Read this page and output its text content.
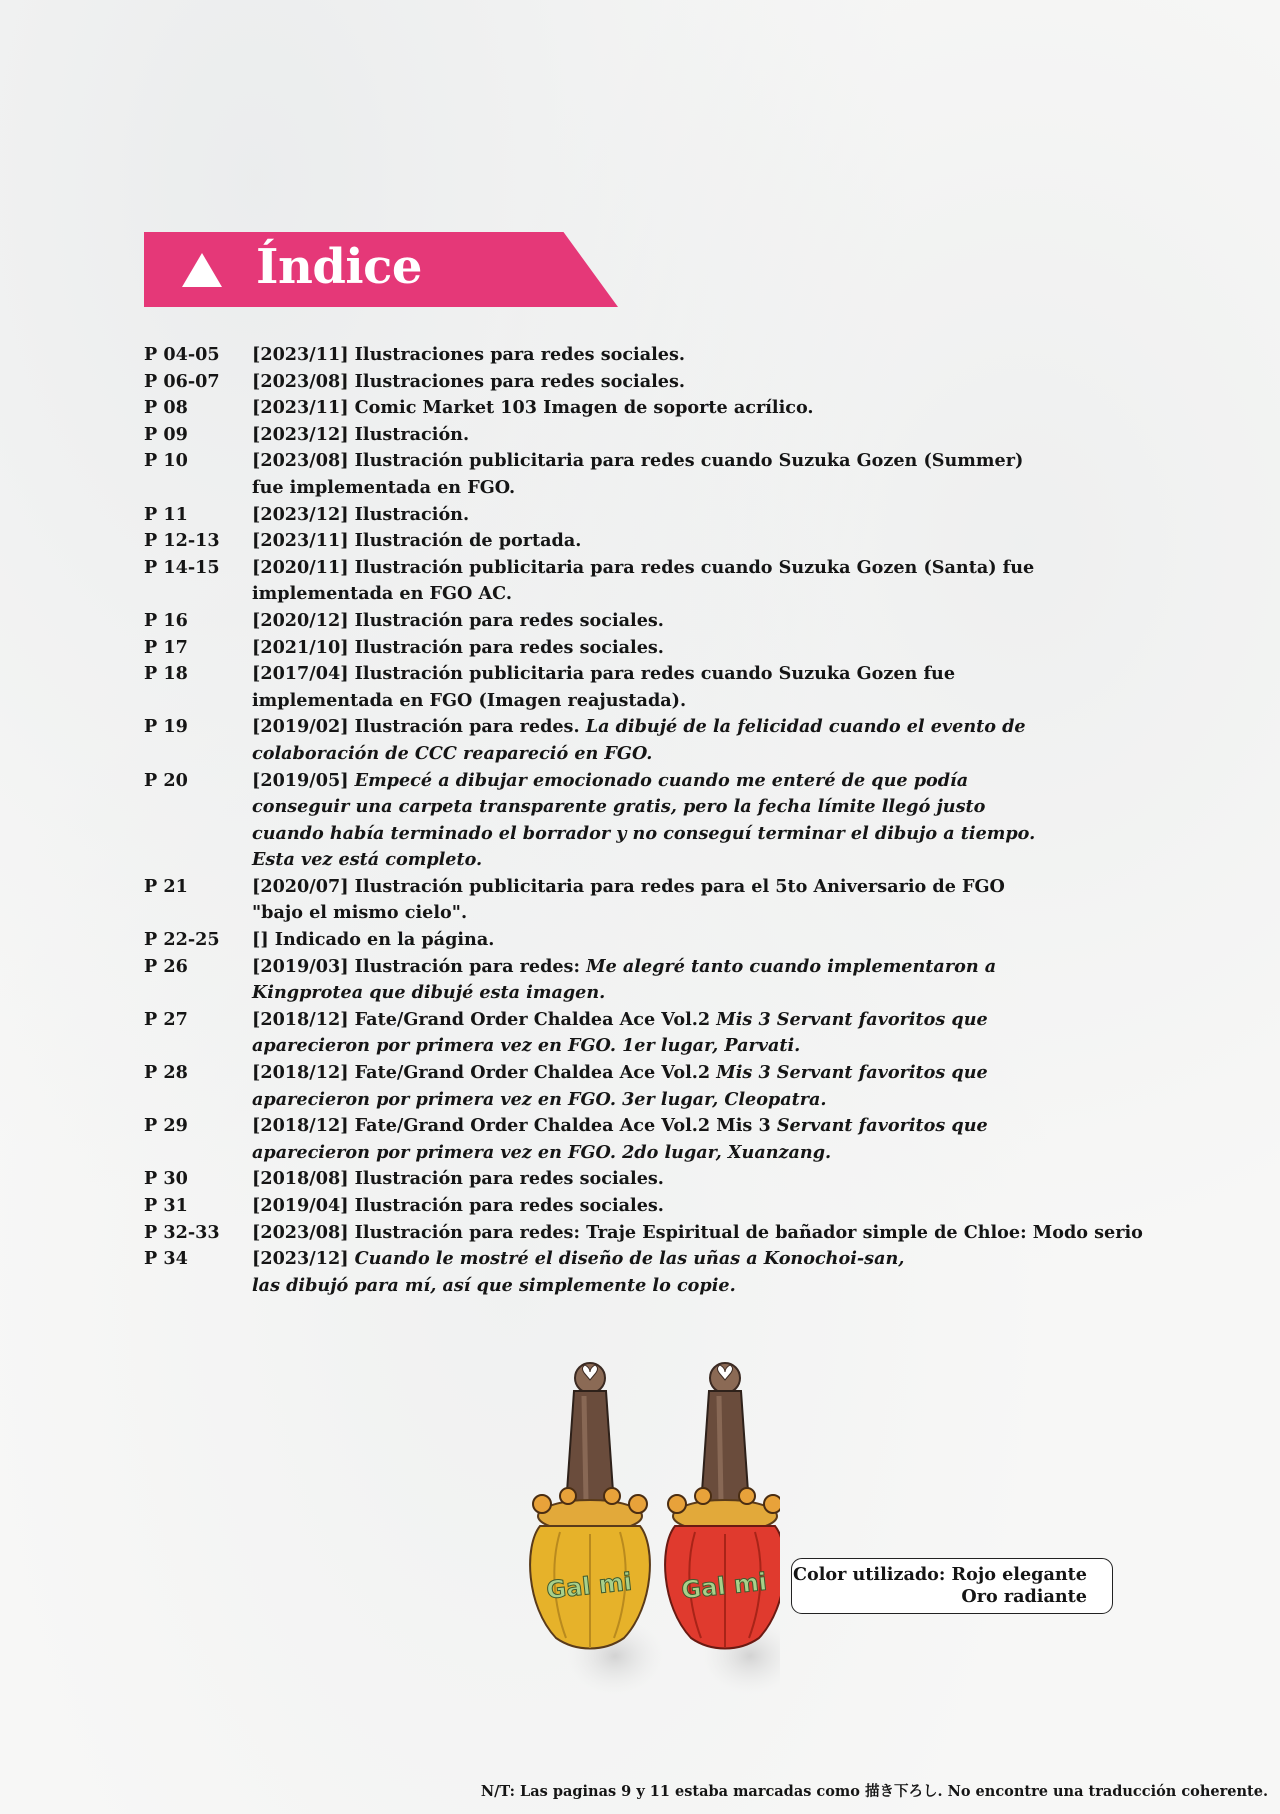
Índice
P 04-05	[2023/11] Ilustraciones para redes sociales.
P 06-07	[2023/08] Ilustraciones para redes sociales.
P 08	[2023/11] Comic Market 103 Imagen de soporte acrílico.
P 09	[2023/12] Ilustración.
P 10	[2023/08] Ilustración publicitaria para redes cuando Suzuka Gozen (Summer)
fue implementada en FGO.
P 11	[2023/12] Ilustración.
P 12-13	[2023/11] Ilustración de portada.
P 14-15	[2020/11] Ilustración publicitaria para redes cuando Suzuka Gozen (Santa) fue
implementada en FGO AC.
P 16	[2020/12] Ilustración para redes sociales.
P 17	[2021/10] Ilustración para redes sociales.
P 18	[2017/04] Ilustración publicitaria para redes cuando Suzuka Gozen fue
implementada en FGO (Imagen reajustada).
P 19	[2019/02] Ilustración para redes. La dibujé de la felicidad cuando el evento de
colaboración de CCC reapareció en FGO.
P 20	[2019/05] Empecé a dibujar emocionado cuando me enteré de que podía
conseguir una carpeta transparente gratis, pero la fecha límite llegó justo
cuando había terminado el borrador y no conseguí terminar el dibujo a tiempo.
Esta vez está completo.
P 21	[2020/07] Ilustración publicitaria para redes para el 5to Aniversario de FGO
"bajo el mismo cielo".
P 22-25	[] Indicado en la página.
P 26	[2019/03] Ilustración para redes: Me alegré tanto cuando implementaron a
Kingprotea que dibujé esta imagen.
P 27	[2018/12] Fate/Grand Order Chaldea Ace Vol.2 Mis 3 Servant favoritos que
aparecieron por primera vez en FGO. 1er lugar, Parvati.
P 28	[2018/12] Fate/Grand Order Chaldea Ace Vol.2 Mis 3 Servant favoritos que
aparecieron por primera vez en FGO. 3er lugar, Cleopatra.
P 29	[2018/12] Fate/Grand Order Chaldea Ace Vol.2 Mis 3 Servant favoritos que
aparecieron por primera vez en FGO. 2do lugar, Xuanzang.
P 30	[2018/08] Ilustración para redes sociales.
P 31	[2019/04] Ilustración para redes sociales.
P 32-33	[2023/08] Ilustración para redes: Traje Espiritual de bañador simple de Chloe: Modo serio
P 34	[2023/12] Cuando le mostré el diseño de las uñas a Konochoi-san,
las dibujó para mí, así que simplemente lo copie.
Gal mi Gal mi Color utilizado: Rojo elegante
Oro radiante
N/T: Las paginas 9 y 11 estaba marcadas como 描き下ろし. No encontre una traducción coherente.
